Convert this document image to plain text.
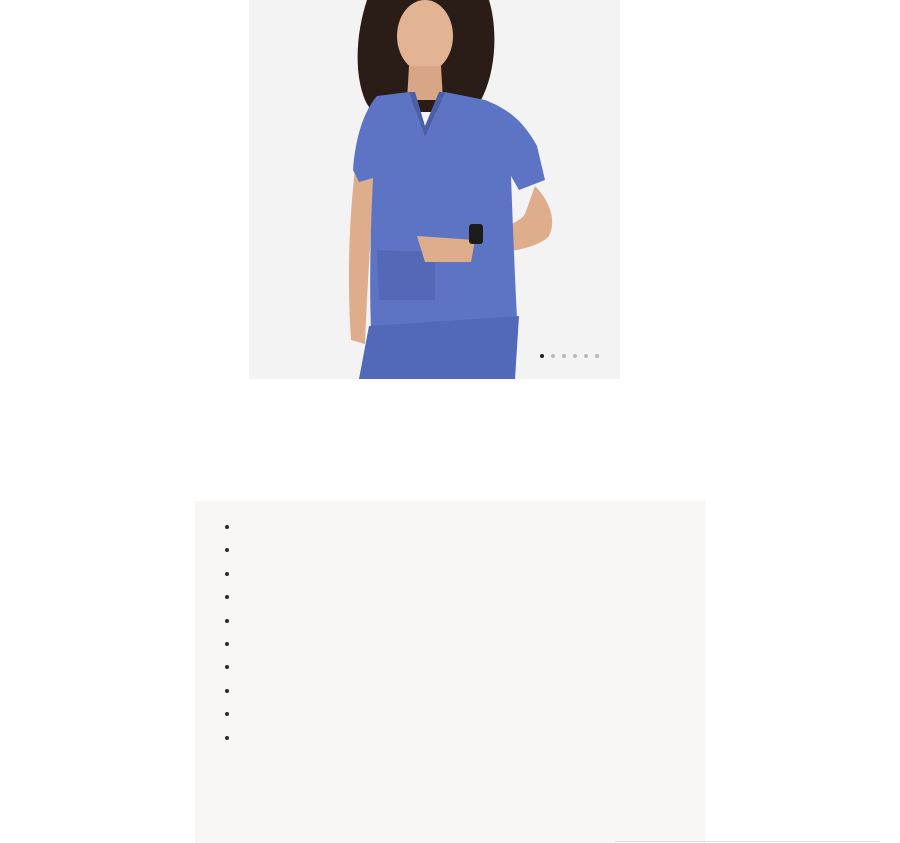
•
•
•
•
•
•
•
•
•
•
